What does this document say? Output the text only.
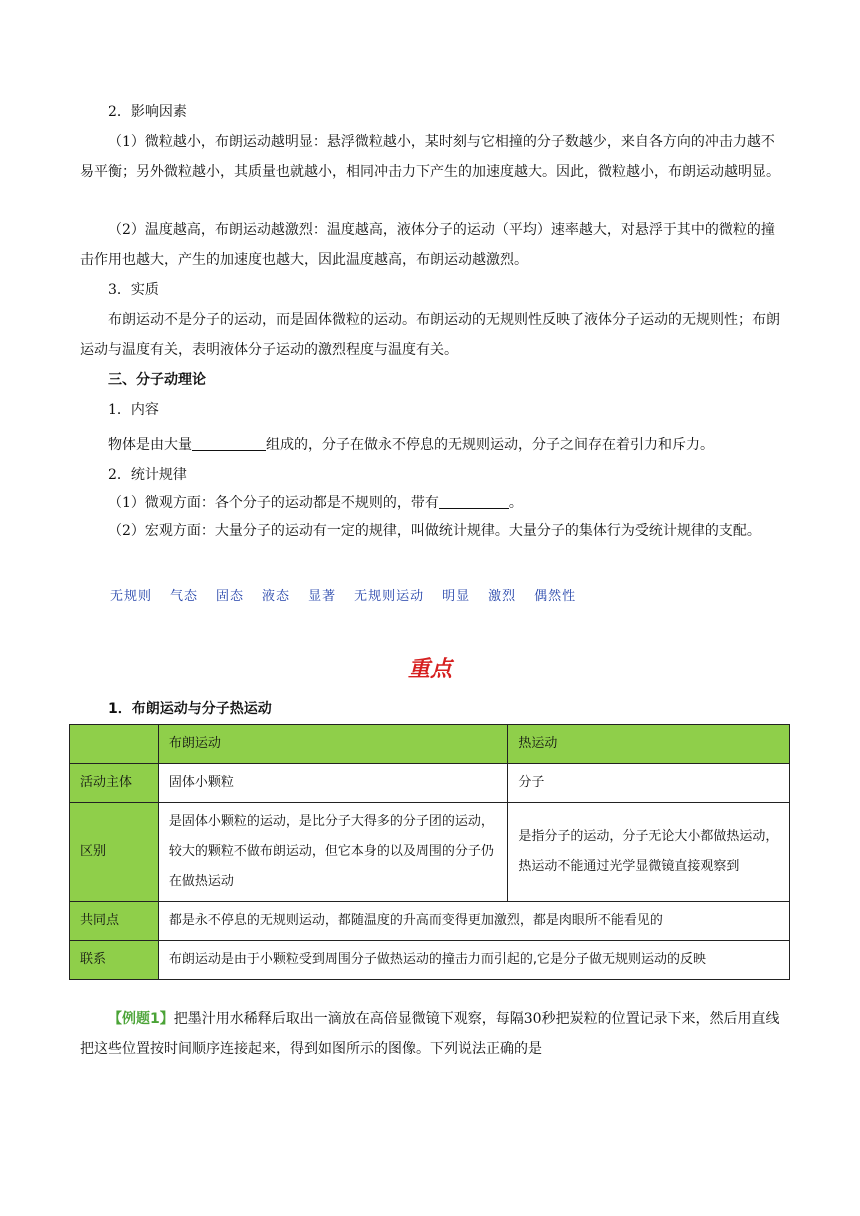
2．影响因素

（1）微粒越小，布朗运动越明显：悬浮微粒越小，某时刻与它相撞的分子数越少，来自各方向的冲击力越不易平衡；另外微粒越小，其质量也就越小，相同冲击力下产生的加速度越大。因此，微粒越小，布朗运动越明显。

（2）温度越高，布朗运动越激烈：温度越高，液体分子的运动（平均）速率越大，对悬浮于其中的微粒的撞击作用也越大，产生的加速度也越大，因此温度越高，布朗运动越激烈。

3．实质

布朗运动不是分子的运动，而是固体微粒的运动。布朗运动的无规则性反映了液体分子运动的无规则性；布朗运动与温度有关，表明液体分子运动的激烈程度与温度有关。

三、分子动理论

1．内容

物体是由大量	组成的，分子在做永不停息的无规则运动，分子之间存在着引力和斥力。

2．统计规律

（1）微观方面：各个分子的运动都是不规则的，带有	。

（2）宏观方面：大量分子的运动有一定的规律，叫做统计规律。大量分子的集体行为受统计规律的支配。

无规则 气态 固态 液态 显著 无规则运动 明显 激烈 偶然性
重点
1．布朗运动与分子热运动
	布朗运动	热运动
活动主体	固体小颗粒	分子
区别	是固体小颗粒的运动，是比分子大得多的分子团的运动，较大的颗粒不做布朗运动，但它本身的以及周围的分子仍在做热运动	是指分子的运动，分子无论大小都做热运动，热运动不能通过光学显微镜直接观察到
共同点	都是永不停息的无规则运动，都随温度的升高而变得更加激烈，都是肉眼所不能看见的	
联系	布朗运动是由于小颗粒受到周围分子做热运动的撞击力而引起的,它是分子做无规则运动的反映	

【例题1】把墨汁用水稀释后取出一滴放在高倍显微镜下观察，每隔30秒把炭粒的位置记录下来，然后用直线把这些位置按时间顺序连接起来，得到如图所示的图像。下列说法正确的是
